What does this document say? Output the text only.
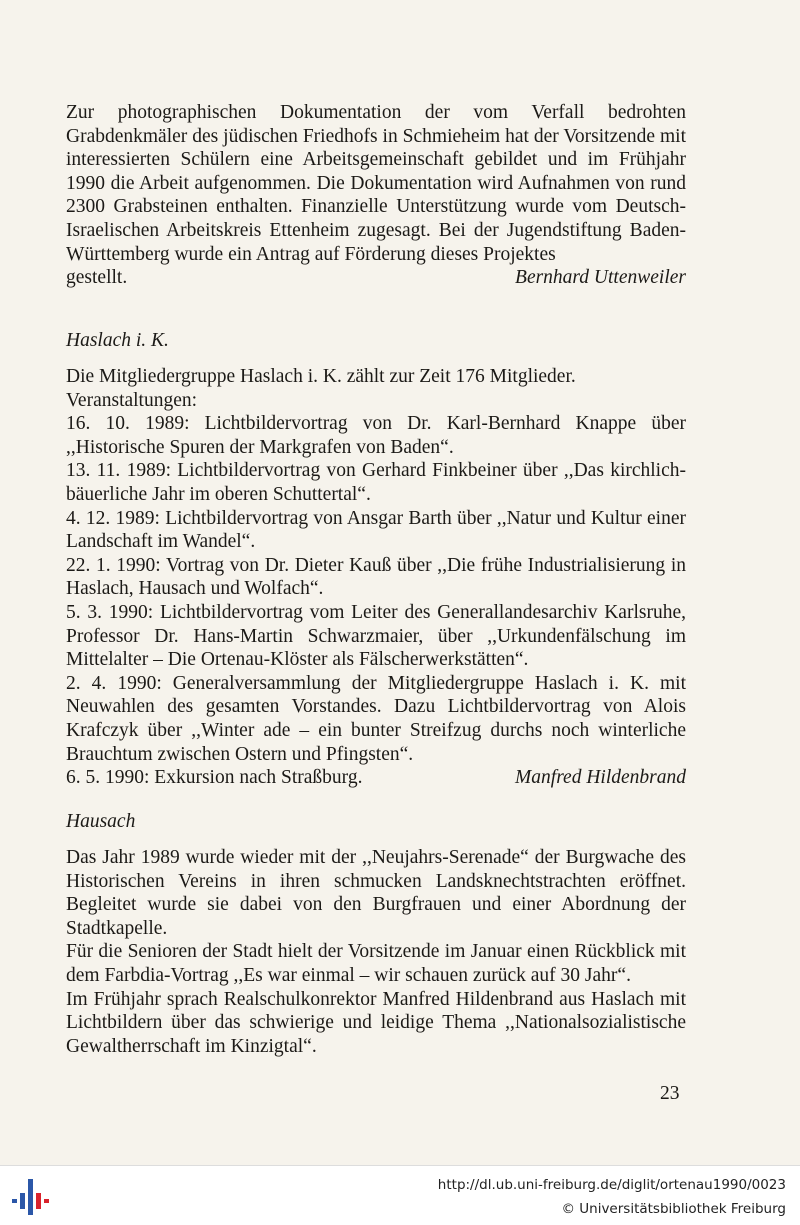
Zur photographischen Dokumentation der vom Verfall bedrohten Grabdenkmäler des jüdischen Friedhofs in Schmieheim hat der Vorsitzende mit interessierten Schülern eine Arbeitsgemeinschaft gebildet und im Frühjahr 1990 die Arbeit aufgenommen. Die Dokumentation wird Aufnahmen von rund 2300 Grabsteinen enthalten. Finanzielle Unterstützung wurde vom Deutsch-Israelischen Arbeitskreis Ettenheim zugesagt. Bei der Jugendstiftung Baden-Württemberg wurde ein Antrag auf Förderung dieses Projektes

gestellt.	Bernhard Uttenweiler
Haslach i. K.

Die Mitgliedergruppe Haslach i. K. zählt zur Zeit 176 Mitglieder.

Veranstaltungen:

16. 10. 1989: Lichtbildervortrag von Dr. Karl-Bernhard Knappe über ,,Historische Spuren der Markgrafen von Baden“.

13. 11. 1989: Lichtbildervortrag von Gerhard Finkbeiner über ,,Das kirchlich-bäuerliche Jahr im oberen Schuttertal“.

4. 12. 1989: Lichtbildervortrag von Ansgar Barth über ,,Natur und Kultur einer Landschaft im Wandel“.

22. 1. 1990: Vortrag von Dr. Dieter Kauß über ,,Die frühe Industrialisierung in Haslach, Hausach und Wolfach“.

5. 3. 1990: Lichtbildervortrag vom Leiter des Generallandesarchiv Karlsruhe, Professor Dr. Hans-Martin Schwarzmaier, über ,,Urkundenfälschung im Mittelalter – Die Ortenau-Klöster als Fälscherwerkstätten“.

2. 4. 1990: Generalversammlung der Mitgliedergruppe Haslach i. K. mit Neuwahlen des gesamten Vorstandes. Dazu Lichtbildervortrag von Alois Krafczyk über ,,Winter ade – ein bunter Streifzug durchs noch winterliche Brauchtum zwischen Ostern und Pfingsten“.

6. 5. 1990: Exkursion nach Straßburg.	Manfred Hildenbrand
Hausach

Das Jahr 1989 wurde wieder mit der ,,Neujahrs-Serenade“ der Burgwache des Historischen Vereins in ihren schmucken Landsknechtstrachten eröffnet. Begleitet wurde sie dabei von den Burgfrauen und einer Abordnung der Stadtkapelle.

Für die Senioren der Stadt hielt der Vorsitzende im Januar einen Rückblick mit dem Farbdia-Vortrag ,,Es war einmal – wir schauen zurück auf 30 Jahr“.

Im Frühjahr sprach Realschulkonrektor Manfred Hildenbrand aus Haslach mit Lichtbildern über das schwierige und leidige Thema ,,Nationalsozialistische Gewaltherrschaft im Kinzigtal“.

23
http://dl.ub.uni-freiburg.de/diglit/ortenau1990/0023
© Universitätsbibliothek Freiburg
